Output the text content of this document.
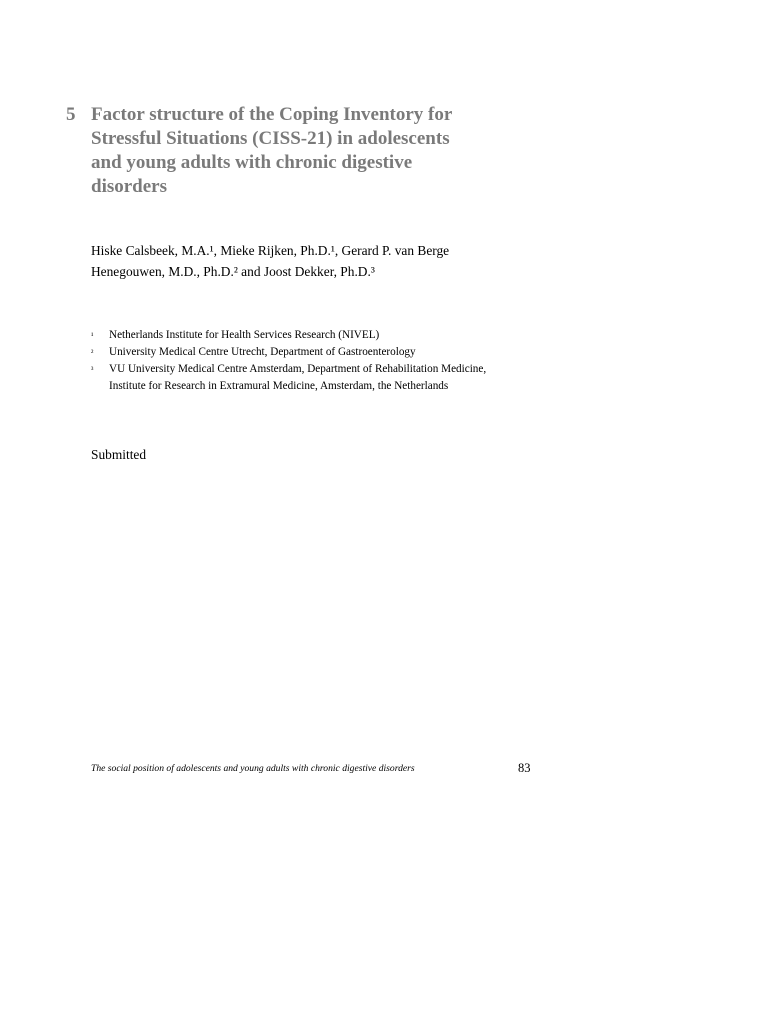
5 Factor structure of the Coping Inventory for
Stressful Situations (CISS-21) in adolescents
and young adults with chronic digestive
disorders
Hiske Calsbeek, M.A.¹, Mieke Rijken, Ph.D.¹, Gerard P. van Berge
Henegouwen, M.D., Ph.D.² and Joost Dekker, Ph.D.³
¹	Netherlands Institute for Health Services Research (NIVEL)
²	University Medical Centre Utrecht, Department of Gastroenterology
³	VU University Medical Centre Amsterdam, Department of Rehabilitation Medicine,
Institute for Research in Extramural Medicine, Amsterdam, the Netherlands
Submitted
The social position of adolescents and young adults with chronic digestive disorders	83
